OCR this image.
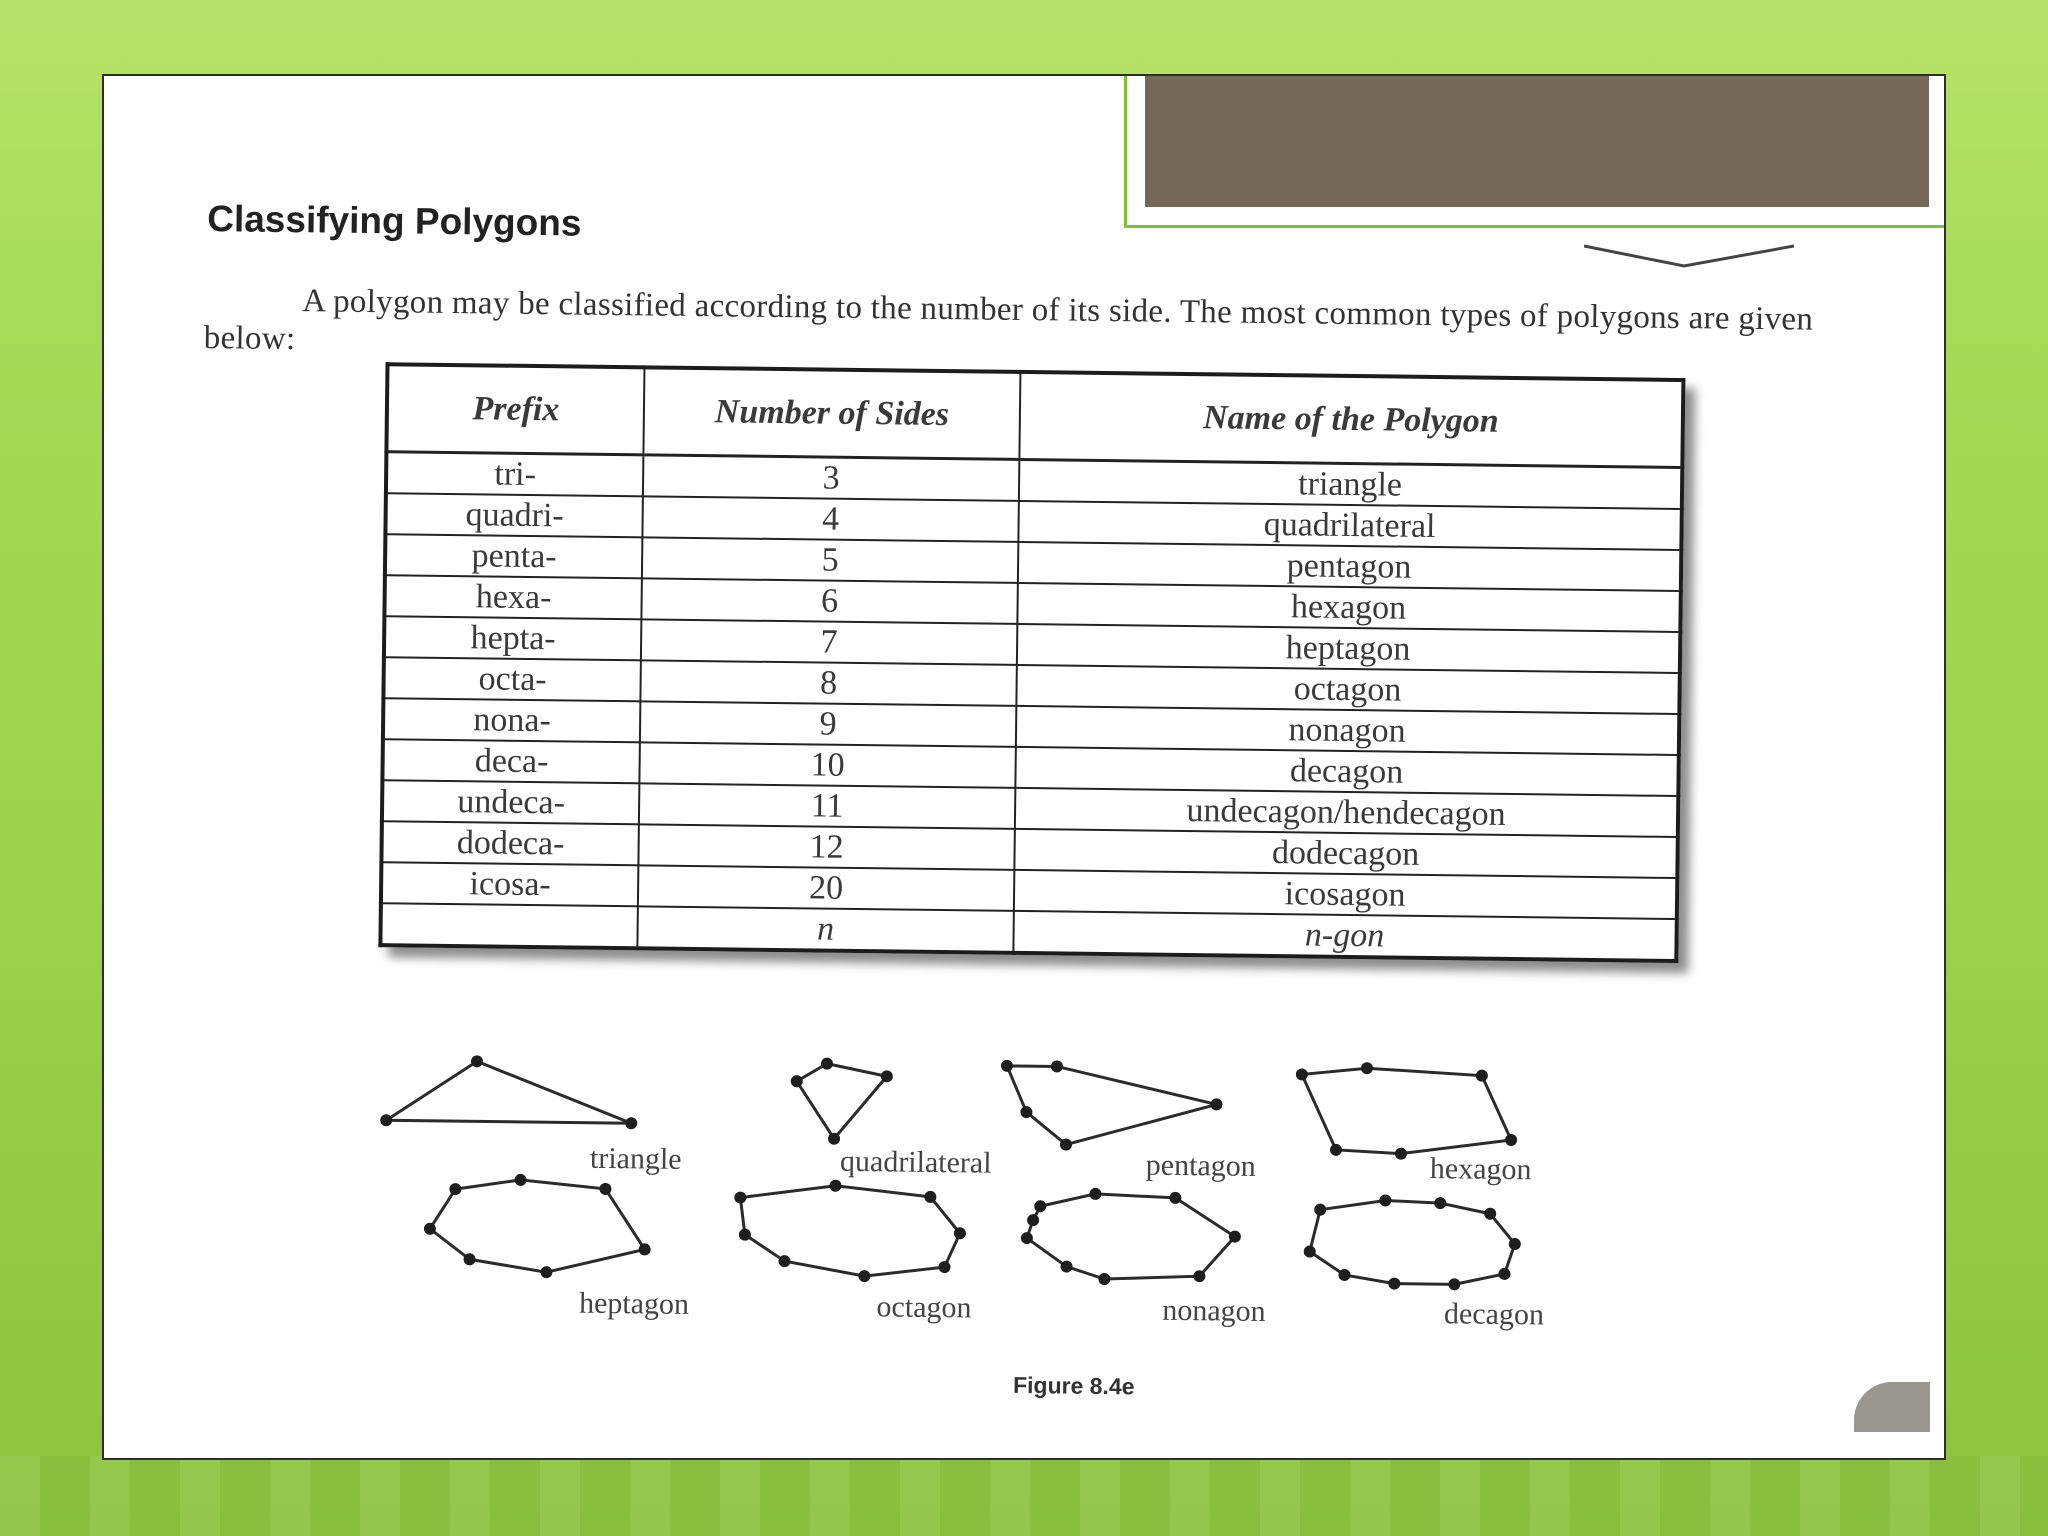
Classifying Polygons

A polygon may be classified according to the number of its side. The most common types of polygons are given below:

Prefix	Number of Sides	Name of the Polygon
tri-	3	triangle
quadri-	4	quadrilateral
penta-	5	pentagon
hexa-	6	hexagon
hepta-	7	heptagon
octa-	8	octagon
nona-	9	nonagon
deca-	10	decagon
undeca-	11	undecagon/hendecagon
dodeca-	12	dodecagon
icosa-	20	icosagon
	n	n-gon
triangle	quadrilateral	pentagon	hexagon
heptagon	octagon	nonagon	decagon
Figure 8.4e
